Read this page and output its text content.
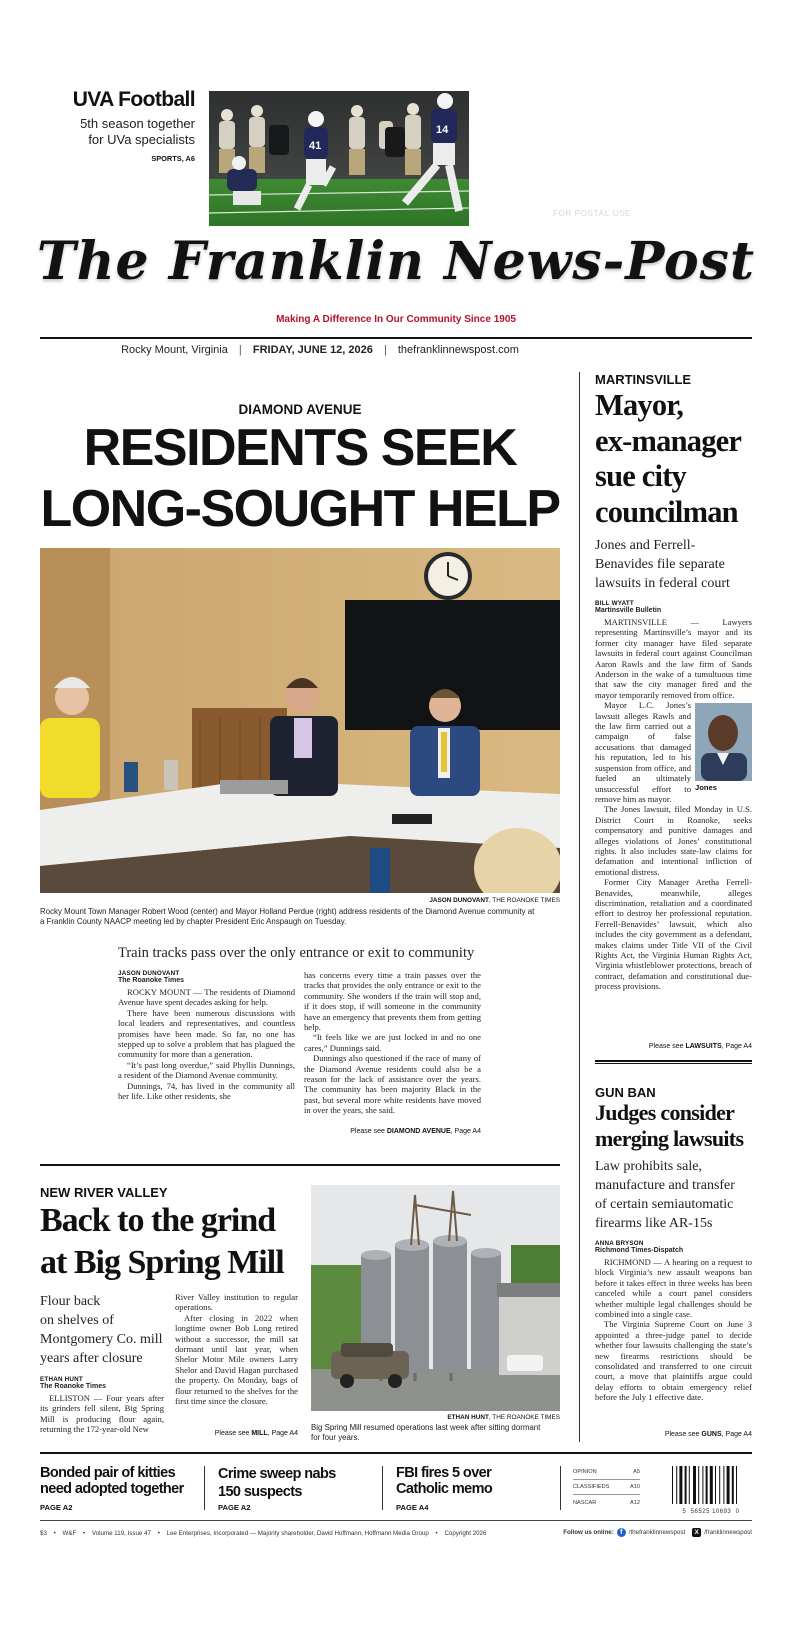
UVA Football
5th season together
for UVa specialists
SPORTS, A6
41
14
FOR POSTAL USE
The Franklin News-Post
Making A Difference In Our Community Since 1905
Rocky Mount, Virginia | FRIDAY, JUNE 12, 2026 | thefranklinnewspost.com
DIAMOND AVENUE
RESIDENTS SEEK
LONG-SOUGHT HELP
JASON DUNOVANT, THE ROANOKE TIMES
Rocky Mount Town Manager Robert Wood (center) and Mayor Holland Perdue (right) address residents of the Diamond Avenue community at a Franklin County NAACP meeting led by chapter President Eric Anspaugh on Tuesday.
Train tracks pass over the only entrance or exit to community
JASON DUNOVANT
The Roanoke Times

ROCKY MOUNT — The residents of Diamond Avenue have spent decades asking for help.

There have been numerous discussions with local leaders and representatives, and countless promises have been made. So far, no one has stepped up to solve a problem that has plagued the community for more than a generation.

“It’s past long overdue,” said Phyllis Dunnings, a resident of the Diamond Avenue community.

Dunnings, 74, has lived in the community all her life. Like other residents, she

has concerns every time a train passes over the tracks that provides the only entrance or exit to the community. She wonders if the train will stop and, if it does stop, if will someone in the community have an emergency that prevents them from getting help.

“It feels like we are just locked in and no one cares,” Dunnings said.

Dunnings also questioned if the race of many of the Diamond Avenue residents could also be a reason for the lack of assistance over the years. The community has been majority Black in the past, but several more white residents have moved in over the years, she said.

Please see DIAMOND AVENUE, Page A4
NEW RIVER VALLEY
Back to the grind
at Big Spring Mill
Flour back
on shelves of
Montgomery Co. mill
years after closure
ETHAN HUNT
The Roanoke Times

ELLISTON — Four years after its grinders fell silent, Big Spring Mill is producing flour again, returning the 172-year-old New

River Valley institution to regular operations.

After closing in 2022 when longtime owner Bob Long retired without a successor, the mill sat dormant until last year, when Shelor Motor Mile owners Larry Shelor and David Hagan purchased the property. On Monday, bags of flour returned to the shelves for the first time since the closure.

Please see MILL, Page A4
ETHAN HUNT, THE ROANOKE TIMES
Big Spring Mill resumed operations last week after sitting dormant for four years.
MARTINSVILLE
Mayor,
ex-manager
sue city
councilman
Jones and Ferrell-
Benavides file separate
lawsuits in federal court
BILL WYATT
Martinsville Bulletin

MARTINSVILLE — Lawyers representing Martinsville’s mayor and its former city manager have filed separate lawsuits in federal court against Councilman Aaron Rawls and the law firm of Sands Anderson in the wake of a tumultuous time that saw the city manager fired and the mayor temporarily removed from office.

Jones

Mayor L.C. Jones’s lawsuit alleges Rawls and the law firm carried out a campaign of false accusations that damaged his reputation, led to his suspension from office, and fueled an ultimately unsuccessful effort to remove him as mayor.

The Jones lawsuit, filed Monday in U.S. District Court in Roanoke, seeks compensatory and punitive damages and alleges violations of Jones’ constitutional rights. It also includes state-law claims for defamation and intentional infliction of emotional distress.

Former City Manager Aretha Ferrell-Benavides, meanwhile, alleges discrimination, retaliation and a coordinated effort to destroy her professional reputation. Ferrell-Benavides’ lawsuit, which also includes the city government as a defendant, makes claims under Title VII of the Civil Rights Act, the Virginia Human Rights Act, Virginia whistleblower protections, breach of contract, defamation and constitutional due-process provisions.

Please see LAWSUITS, Page A4
GUN BAN
Judges consider
merging lawsuits
Law prohibits sale,
manufacture and transfer
of certain semiautomatic
firearms like AR-15s
ANNA BRYSON
Richmond Times-Dispatch

RICHMOND — A hearing on a request to block Virginia’s new assault weapons ban before it takes effect in three weeks has been canceled while a court panel considers whether multiple legal challenges should be combined into a single case.

The Virginia Supreme Court on June 3 appointed a three-judge panel to decide whether four lawsuits challenging the state’s new firearms restrictions should be consolidated and transferred to one circuit court, a move that plaintiffs argue could delay efforts to obtain emergency relief before the July 1 effective date.

Please see GUNS, Page A4
Bonded pair of kitties
need adopted together
PAGE A2
Crime sweep nabs
150 suspects
PAGE A2
FBI fires 5 over
Catholic memo
PAGE A4
OPINION	A5
CLASSIFIEDS	A10
NASCAR	A12
5  56525 10693  0
$3 • W&F • Volume 119, Issue 47 • Lee Enterprises, Incorporated — Majority shareholder, David Hoffmann, Hoffmann Media Group • Copyright 2026	Follow us online: f	/thefranklinnewspost	X /franklinnewspost
